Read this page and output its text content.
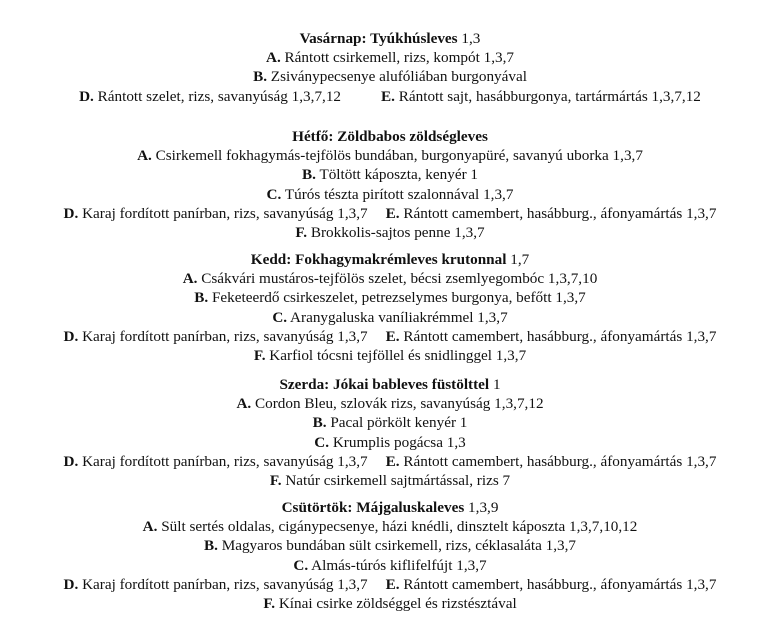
Vasárnap: Tyúkhúsleves 1,3
A. Rántott csirkemell, rizs, kompót 1,3,7
B. Zsiványpecsenye alufóliában burgonyával
D. Rántott szelet, rizs, savanyúság 1,3,7,12	E. Rántott sajt, hasábburgonya, tartármártás 1,3,7,12
Hétfő: Zöldbabos zöldségleves
A. Csirkemell fokhagymás-tejfölös bundában, burgonyapüré, savanyú uborka 1,3,7
B. Töltött káposzta, kenyér 1
C. Túrós tészta pirított szalonnával 1,3,7
D. Karaj fordított panírban, rizs, savanyúság 1,3,7 E. Rántott camembert, hasábburg., áfonyamártás 1,3,7
F. Brokkolis-sajtos penne 1,3,7
Kedd: Fokhagymakrémleves krutonnal 1,7
A. Csákvári mustáros-tejfölös szelet, bécsi zsemlyegombóc 1,3,7,10
B. Feketeerdő csirkeszelet, petrezselymes burgonya, befőtt 1,3,7
C. Aranygaluska vaníliakrémmel 1,3,7
D. Karaj fordított panírban, rizs, savanyúság 1,3,7 E. Rántott camembert, hasábburg., áfonyamártás 1,3,7
F. Karfiol tócsni tejföllel és snidlinggel 1,3,7
Szerda: Jókai bableves füstölttel 1
A. Cordon Bleu, szlovák rizs, savanyúság 1,3,7,12
B. Pacal pörkölt kenyér 1
C. Krumplis pogácsa 1,3
D. Karaj fordított panírban, rizs, savanyúság 1,3,7 E. Rántott camembert, hasábburg., áfonyamártás 1,3,7
F. Natúr csirkemell sajtmártással, rizs 7
Csütörtök: Májgaluskaleves 1,3,9
A. Sült sertés oldalas, cigánypecsenye, házi knédli, dinsztelt káposzta 1,3,7,10,12
B. Magyaros bundában sült csirkemell, rizs, céklasaláta 1,3,7
C. Almás-túrós kiflifelfújt 1,3,7
D. Karaj fordított panírban, rizs, savanyúság 1,3,7 E. Rántott camembert, hasábburg., áfonyamártás 1,3,7
F. Kínai csirke zöldséggel és rizstésztával
